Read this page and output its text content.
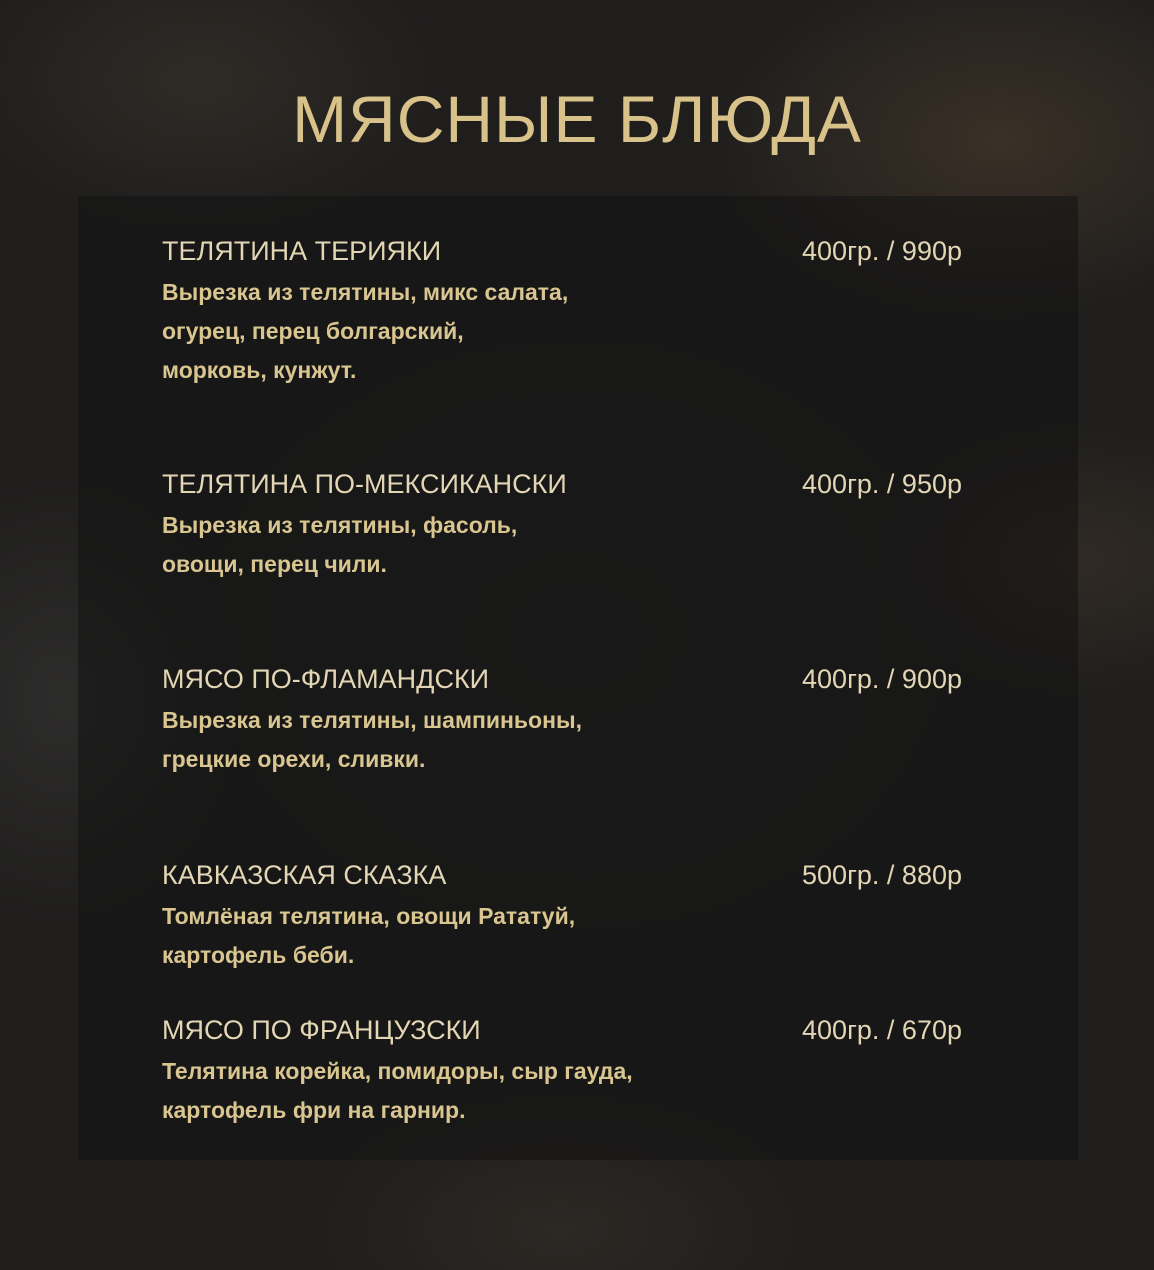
МЯСНЫЕ БЛЮДА
ТЕЛЯТИНА ТЕРИЯКИ	400гр. / 990р
Вырезка из телятины, микс салата,
огурец, перец болгарский,
морковь, кунжут.
ТЕЛЯТИНА ПО-МЕКСИКАНСКИ	400гр. / 950р
Вырезка из телятины, фасоль,
овощи, перец чили.
МЯСО ПО-ФЛАМАНДСКИ	400гр. / 900р
Вырезка из телятины, шампиньоны,
грецкие орехи, сливки.
КАВКАЗСКАЯ СКАЗКА	500гр. / 880р
Томлёная телятина, овощи Рататуй,
картофель беби.
МЯСО ПО ФРАНЦУЗСКИ	400гр. / 670р
Телятина корейка, помидоры, сыр гауда,
картофель фри на гарнир.
